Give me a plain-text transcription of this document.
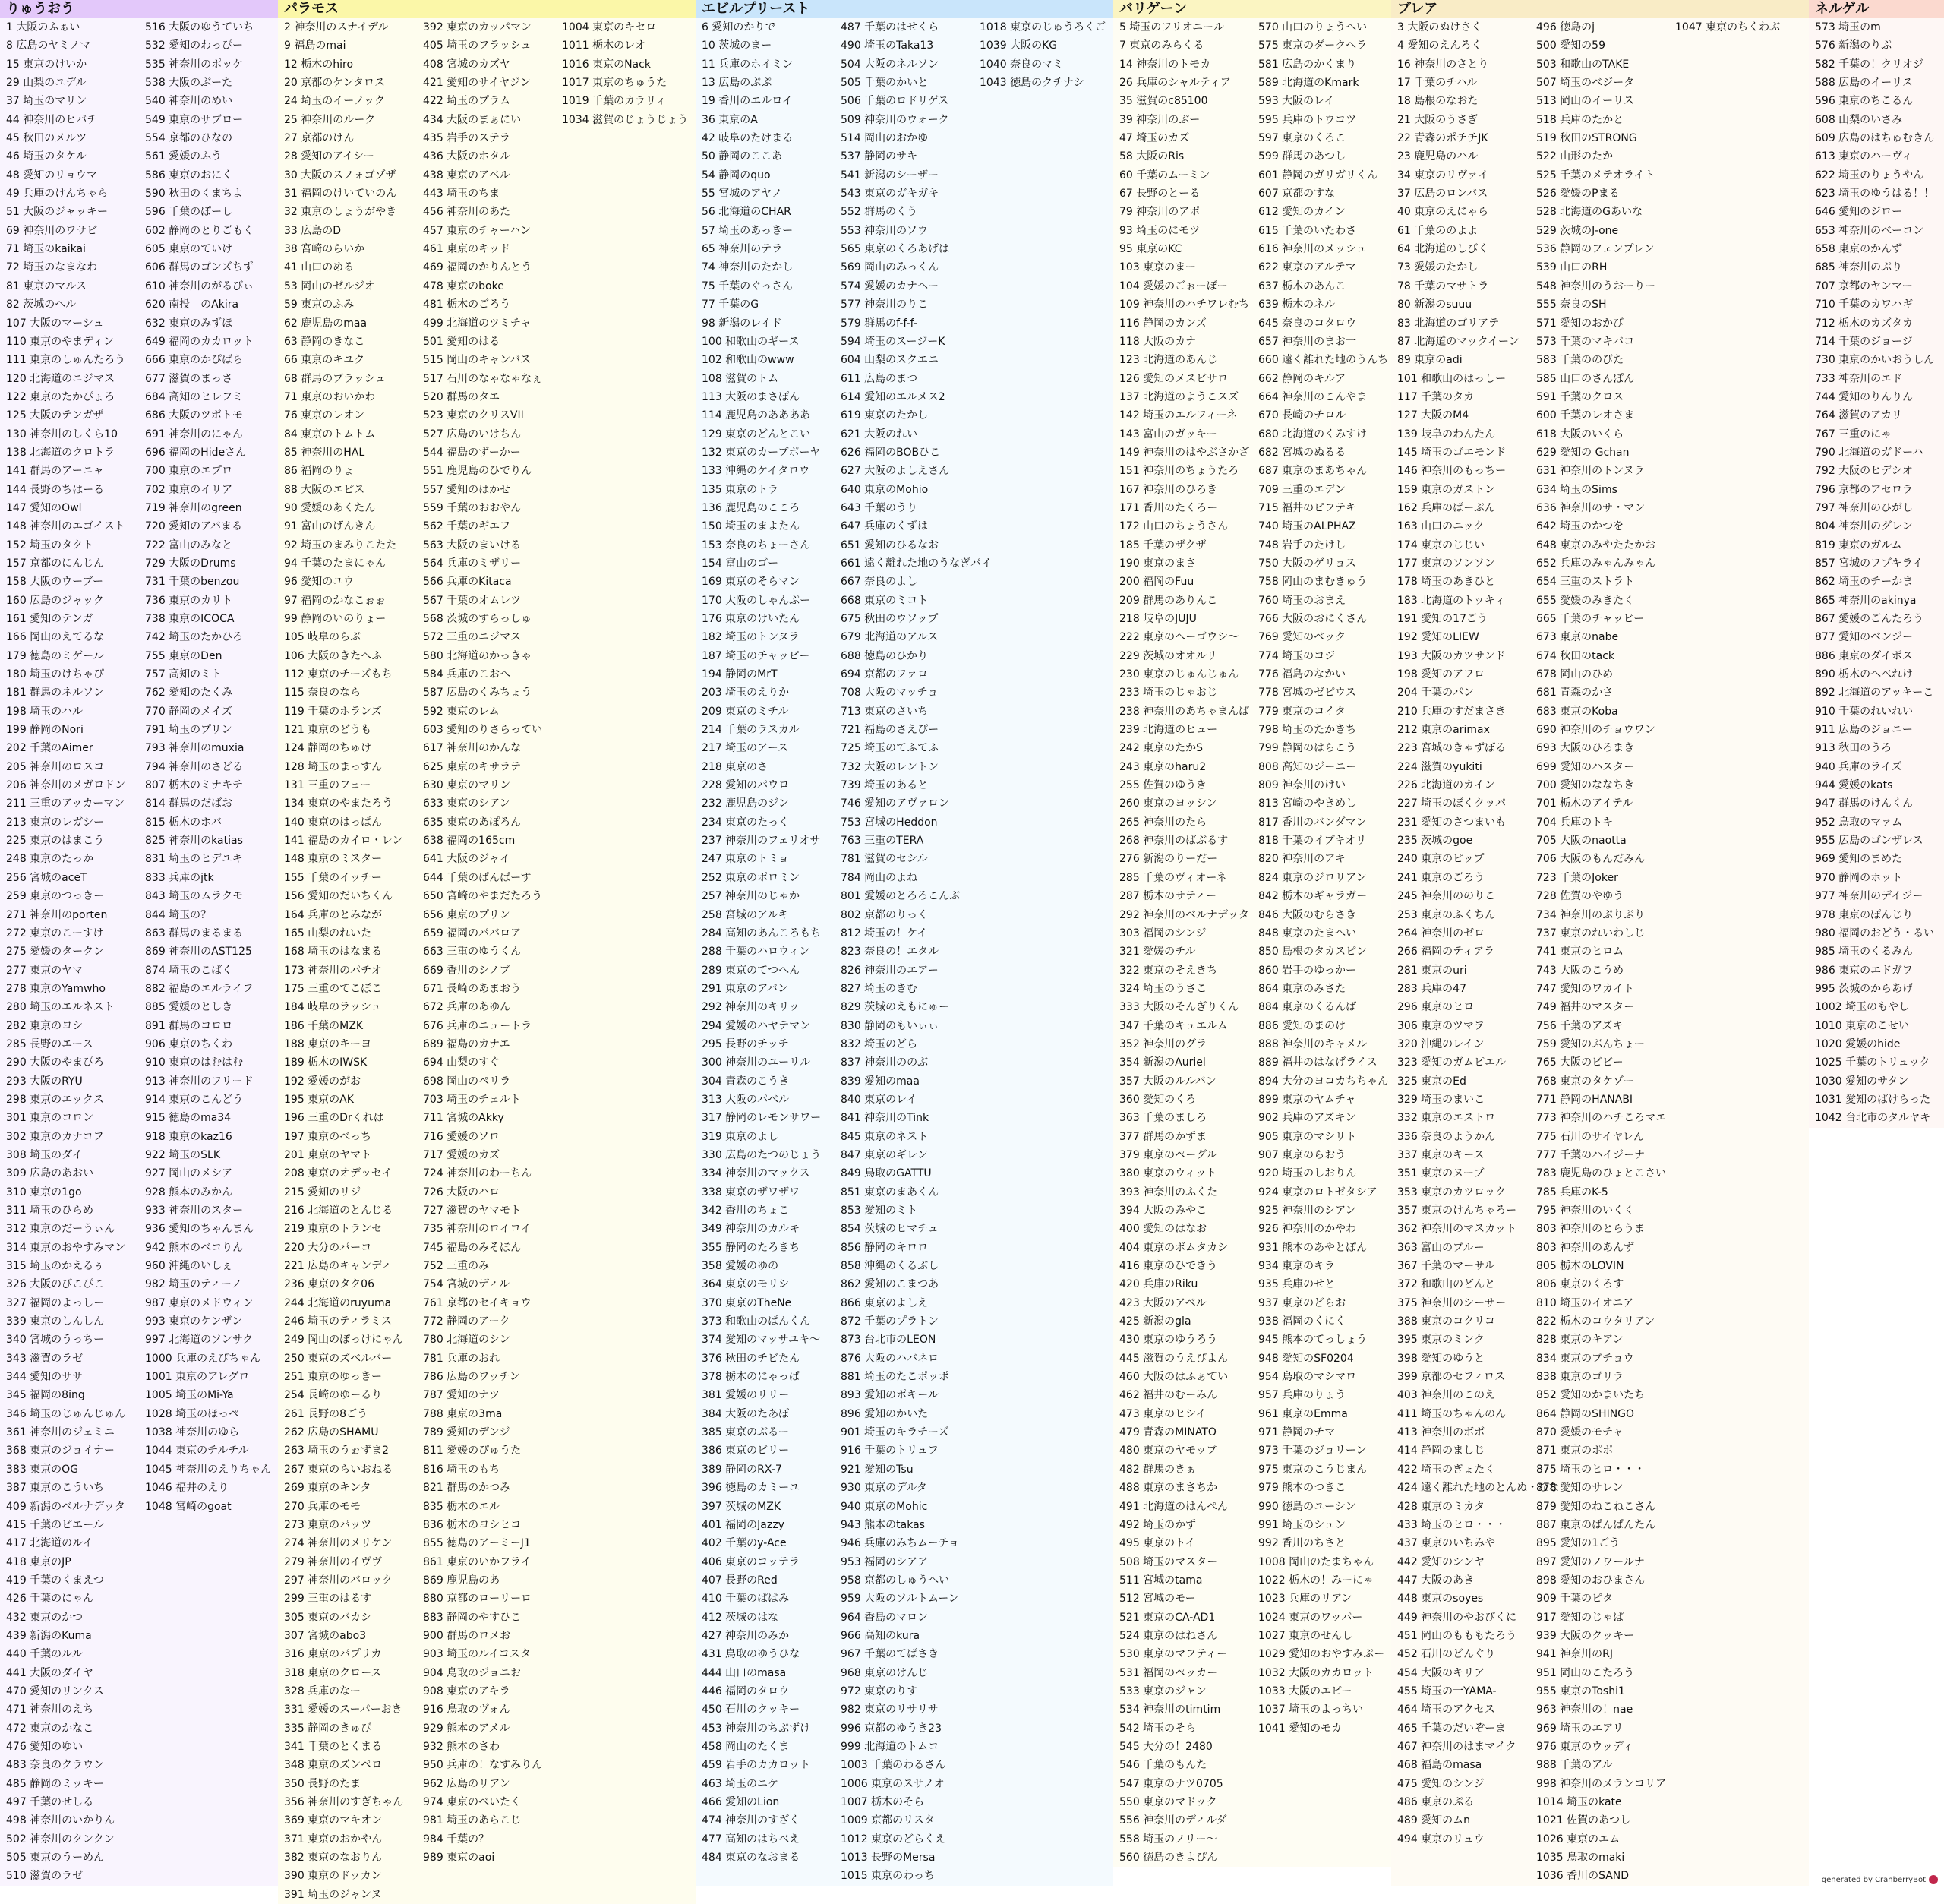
りゅうおう
1 大阪のふぁい
8 広島のヤミノマ
15 東京のけいか
29 山梨のユデル
37 埼玉のマリン
44 神奈川のヒバチ
45 秋田のメルツ
46 埼玉のタケル
48 愛知のリョウマ
49 兵庫のけんちゃら
51 大阪のジャッキー
69 神奈川のワサビ
71 埼玉のkaikai
72 埼玉のなまなわ
81 東京のマルス
82 茨城のヘル
107 大阪のマーシュ
110 東京のやまディン
111 東京のしゅんたろう
120 北海道のニジマス
122 東京のたかぴょろ
125 大阪のテンガザ
130 神奈川のしくら10
138 北海道のクロトラ
141 群馬のアーニャ
144 長野のちはーる
147 愛知のOwl
148 神奈川のエゴイスト
152 埼玉のタクト
157 京都のにんじん
158 大阪のウーブー
160 広島のジャック
161 愛知のテンガ
166 岡山のえてるな
179 徳島のミゲール
180 埼玉のけちゃぴ
181 群馬のネルソン
198 埼玉のハル
199 静岡のNori
202 千葉のAimer
205 神奈川のロスコ
206 神奈川のメガロドン
211 三重のアッカーマン
213 東京のレガシー
225 東京のはまこう
248 東京のたっか
256 宮城のaceT
259 東京のつっきー
271 神奈川のporten
272 東京のこーすけ
275 愛媛のタークン
277 東京のヤマ
278 東京のYamwho
280 埼玉のエルネスト
282 東京のヨシ
285 長野のエース
290 大阪のやまぴろ
293 大阪のRYU
298 東京のエックス
301 東京のコロン
302 東京のカナコフ
308 埼玉のダイ
309 広島のあおい
310 東京の1go
311 埼玉のひらめ
312 東京のだーうぃん
314 東京のおやすみマン
315 埼玉のかえるぅ
326 大阪のびこぴこ
327 福岡のよっしー
339 東京のしんしん
340 宮城のうっちー
343 滋賀のラゼ
344 愛知のササ
345 福岡の8ing
346 埼玉のじゅんじゅん
361 神奈川のジェミニ
368 東京のジョイナー
383 東京のOG
387 東京のこういち
409 新潟のベルナデッタ
415 千葉のピエール
417 北海道のルイ
418 東京のJP
419 千葉のくまえつ
426 千葉のにゃん
432 東京のかつ
439 新潟のKuma
440 千葉のルル
441 大阪のダイヤ
470 愛知のリンクス
471 神奈川のえち
472 東京のかなこ
476 愛知のゆい
483 奈良のクラウン
485 静岡のミッキー
497 千葉のせしる
498 神奈川のいかりん
502 神奈川のクンクン
505 東京のうーめん
510 滋賀のラゼ
516 大阪のゆうていち
532 愛知のわっぴー
535 神奈川のポッケ
538 大阪のぶーた
540 神奈川のめい
549 東京のサブロー
554 京都のひなの
561 愛媛のふう
586 東京のおにく
590 秋田のくまちよ
596 千葉のぽーし
602 静岡のとりごもく
605 東京のていけ
606 群馬のゴンズちず
610 神奈川のがるびぃ
620 南投　のAkira
632 東京のみずほ
649 福岡のカカロット
666 東京のかぴばら
677 滋賀のまっさ
684 高知のヒレフミ
686 大阪のツボトモ
691 神奈川のにゃん
696 福岡のHideさん
700 東京のエプロ
702 東京のイリア
719 神奈川のgreen
720 愛知のアバまる
722 富山のみなと
729 大阪のDrums
731 千葉のbenzou
736 東京のカリト
738 東京のICOCA
742 埼玉のたかひろ
755 東京のDen
757 高知のミト
762 愛知のたくみ
770 静岡のメイズ
791 埼玉のプリン
793 神奈川のmuxia
794 神奈川のさどる
807 栃木のミナキチ
814 群馬のだばお
815 栃木のホバ
825 神奈川のkatias
831 埼玉のヒデユキ
833 兵庫のjtk
843 埼玉のムラクモ
844 埼玉の？
863 群馬のまるまる
869 神奈川のAST125
874 埼玉のこばく
882 福島のエルライフ
885 愛媛のとしき
891 群馬のコロロ
906 東京のちくわ
910 東京のはむはむ
913 神奈川のフリード
914 東京のこんどう
915 徳島のma34
918 東京のkaz16
922 埼玉のSLK
927 岡山のメシア
928 熊本のみかん
933 神奈川のスター
936 愛知のちゃんまん
942 熊本のベコりん
960 沖縄のいしぇ
982 埼玉のティーノ
987 東京のメドウィン
993 東京のケンザン
997 北海道のソンサク
1000 兵庫のえびちゃん
1001 東京のアレグロ
1005 埼玉のMi-Ya
1028 埼玉のほっぺ
1038 神奈川のゆら
1044 東京のチルチル
1045 神奈川のえりちゃん
1046 福井のえり
1048 宮崎のgoat
パラモス
2 神奈川のスナイデル
9 福島のmai
12 栃木のhiro
20 京都のケンタロス
24 埼玉のイーノック
25 神奈川のルーク
27 京都のけん
28 愛知のアイシー
30 大阪のスノォゴゾザ
31 福岡のけいていのん
32 東京のしょうがやき
33 広島のD
38 宮崎のらいか
41 山口のめる
53 岡山のゼルジオ
59 東京のふみ
62 鹿児島のmaa
63 静岡のきなこ
66 東京のキユク
68 群馬のブラッシュ
71 東京のおいかわ
76 東京のレオン
84 東京のトムトム
85 神奈川のHAL
86 福岡のりょ
88 大阪のエピス
90 愛媛のあくたん
91 富山のげんきん
92 埼玉のまみりこたた
94 千葉のたまにゃん
96 愛知のユウ
97 福岡のかなこぉぉ
99 静岡のいのりょー
105 岐阜のらぶ
106 大阪のきたへふ
112 東京のチーズもち
115 奈良のなら
119 千葉のホランズ
121 東京のどうも
124 静岡のちゅけ
128 埼玉のまっすん
131 三重のフェー
134 東京のやまたろう
140 東京のはっぱん
141 福島のカイロ・レン
148 東京のミスター
155 千葉のイッチー
156 愛知のだいちくん
164 兵庫のとみなが
165 山梨のれいた
168 埼玉のはなまる
173 神奈川のパチオ
175 三重のてこぽこ
184 岐阜のラッシュ
186 千葉のMZK
188 東京のキーヨ
189 栃木のIWSK
192 愛媛のがお
195 東京のAK
196 三重のDrくれは
197 東京のべっち
201 東京のヤマト
208 東京のオデッセイ
215 愛知のリジ
216 北海道のとんじる
219 東京のトランセ
220 大分のパーコ
221 広島のキャンディ
236 東京のタク06
244 北海道のruyuma
246 埼玉のティラミス
249 岡山のぽっけにゃん
250 東京のズベルバー
251 東京のゆっきー
254 長崎のゆーるり
261 長野の8ごう
262 広島のSHAMU
263 埼玉のうぉずま2
267 東京のらいおねる
269 東京のキンタ
270 兵庫のモモ
273 東京のパッツ
274 神奈川のメリケン
279 神奈川のイヴヴ
297 神奈川のバロック
299 三重のはるす
305 東京のバカシ
307 宮城のabo3
316 東京のパプリカ
318 東京のクロース
328 兵庫のなー
331 愛媛のスーパーおき
335 静岡のきゅび
341 千葉のとくまる
348 東京のズンペロ
350 長野のたま
356 神奈川のすぎちゃん
369 東京のマキオン
371 東京のおかやん
382 東京のなおりん
390 東京のドッカン
391 埼玉のジャンヌ
392 東京のカッパマン
405 埼玉のフラッシュ
408 宮城のカズヤ
421 愛知のサイヤジン
422 埼玉のプラム
434 大阪のまぁにい
435 岩手のステラ
436 大阪のホタル
438 東京のアベル
443 埼玉のちま
456 神奈川のあた
457 東京のチャーハン
461 東京のキッド
469 福岡のかりんとう
478 東京のboke
481 栃木のごろう
499 北海道のツミチャ
501 愛知のはる
515 岡山のキャンバス
517 石川のなゃなゃなぇ
520 群馬のタエ
523 東京のクリスVII
527 広島のいけちん
544 福島のずーかー
551 鹿児島のひでりん
557 愛知のはかせ
559 千葉のおおやん
562 千葉のギエフ
563 大阪のまいける
564 兵庫のミザリー
566 兵庫のKitaca
567 千葉のオムレツ
568 茨城のすらっしゅ
572 三重のニジマス
580 北海道のかっきゃ
584 兵庫のこおへ
587 広島のくみちょう
592 東京のレム
603 愛知のりさらってい
617 神奈川のかんな
625 東京のキサラテ
630 東京のマリン
633 東京のシアン
635 東京のあぽろん
638 福岡の165cm
641 大阪のジャイ
644 千葉のぱんぱーす
650 宮崎のやまだたろう
656 東京のプリン
659 福岡のパバロア
663 三重のゆうくん
669 香川のシノブ
671 長崎のあまおう
672 兵庫のあゆん
676 兵庫のニュートラ
689 福島のカナエ
694 山梨のすぐ
698 岡山のペリラ
703 埼玉のチェルト
711 宮城のAkky
716 愛媛のソロ
717 愛媛のカズ
724 神奈川のわーちん
726 大阪のハロ
727 滋賀のヤマモト
735 神奈川のロイロイ
745 福島のみそぽん
752 三重のみ
754 宮城のディル
761 京都のセイキョウ
772 静岡のアーク
780 北海道のシン
781 兵庫のおれ
786 広島のワッチン
787 愛知のナツ
788 東京の3ma
789 愛知のデンジ
811 愛媛のぴゅうた
816 埼玉のもち
821 群馬のかつみ
835 栃木のエル
836 栃木のヨシヒコ
855 徳島のアーミーJ1
861 東京のいかフライ
869 鹿児島のあ
880 京都のローリーロ
883 静岡のやすひこ
900 群馬のロメお
903 埼玉のルイコスタ
904 鳥取のジョニお
908 東京のアキラ
916 鳥取のヴォん
929 熊本のアメル
932 熊本のさわ
950 兵庫の！なすみりん
962 広島のリアン
974 東京のべいたく
981 埼玉のあらこじ
984 千葉の？
989 東京のaoi
1004 東京のキセロ
1011 栃木のレオ
1016 東京のNack
1017 東京のちゅうた
1019 千葉のカラリィ
1034 滋賀のじょうじょう
エビルプリースト
6 愛知のかりで
10 茨城のまー
11 兵庫のホイミン
13 広島のぷぷ
19 香川のエルロイ
36 東京のA
42 岐阜のたけまる
50 静岡のここあ
54 静岡のquo
55 宮城のアヤノ
56 北海道のCHAR
57 埼玉のあっきー
65 神奈川のテラ
74 神奈川のたかし
75 千葉のぐっさん
77 千葉のG
98 新潟のレイド
100 和歌山のギース
102 和歌山のwww
108 滋賀のトム
113 大阪のまさぽん
114 鹿児島のああああ
129 東京のどんとこい
132 東京のカーブポーヤ
133 沖縄のケイタロウ
135 東京のトラ
136 鹿児島のこころ
150 埼玉のまよたん
153 奈良のちょーさん
154 富山のゴー
169 東京のそらマン
170 大阪のしゃんぷー
176 東京のけいたん
182 埼玉のトンヌラ
187 埼玉のチャッピー
194 静岡のMrT
203 埼玉のえりか
209 東京のミチル
214 千葉のラスカル
217 埼玉のアース
218 東京のさ
228 愛知のパウロ
232 鹿児島のジン
234 東京のたっく
237 神奈川のフェリオサ
247 東京のトミョ
252 東京のポロミン
257 神奈川のじゃか
258 宮城のアルキ
284 高知のあんころもち
288 千葉のハロウィン
289 東京のてつへん
291 東京のアバン
292 神奈川のキリッ
294 愛媛のハヤテマン
295 長野のチッチ
300 神奈川のユーリル
304 青森のこうき
313 大阪のパベル
317 静岡のレモンサワー
319 東京のよし
330 広島のたつのじょう
334 神奈川のマックス
338 東京のザワザワ
342 香川のちょこ
349 神奈川のカルキ
355 静岡のたろきち
358 愛媛のゆの
364 東京のモリシ
370 東京のTheNe
373 和歌山のぱんくん
374 愛知のマッサユキ～
376 秋田のチビたん
378 栃木のにゃっぱ
381 愛媛のリリー
384 大阪のたあぼ
385 東京のぶるー
386 東京のビリー
389 静岡のRX-7
396 徳島のカミーユ
397 茨城のMZK
401 福岡のJazzy
402 千葉のy-Ace
406 東京のコッテラ
407 長野のRed
410 千葉のぱぱみ
412 茨城のはな
427 神奈川のみか
431 鳥取のゆうひな
444 山口のmasa
446 福岡のタロウ
450 石川のクッキー
453 神奈川のちぷずけ
458 岡山のたくま
459 岩手のカカロット
463 埼玉のニケ
466 愛知のLion
474 神奈川のすざく
477 高知のはちべえ
484 東京のなおまる
487 千葉のはせくら
490 埼玉のTaka13
504 大阪のネルソン
505 千葉のかいと
506 千葉のロドリゲス
509 神奈川のウォーク
514 岡山のおかゆ
537 静岡のサキ
541 新潟のシーザー
543 東京のガキガキ
552 群馬のくう
553 神奈川のソウ
565 東京のくろあげは
569 岡山のみっくん
574 愛媛のカナヘー
577 神奈川のりこ
579 群馬のf-f-f-
594 埼玉のスージーK
604 山梨のスクエニ
611 広島のまつ
614 愛知のエルメス2
619 東京のたかし
621 大阪のれい
626 福岡のBOBひこ
627 大阪のよしえさん
640 東京のMohio
643 千葉のうり
647 兵庫のくずは
651 愛知のひるなお
661 遠く離れた地のうなぎパイ
667 奈良のよし
668 東京のミコト
675 秋田のウソップ
679 北海道のアルス
688 徳島のひかり
694 京都のファロ
708 大阪のマッチョ
713 東京のさいち
721 福島のさえぴー
725 埼玉のてふてふ
732 大阪のレントン
739 埼玉のあると
746 愛知のアヴァロン
753 宮城のHeddon
763 三重のTERA
781 滋賀のセシル
784 岡山のよね
801 愛媛のとろろこんぶ
802 京都のりっく
812 埼玉の！ケイ
823 奈良の！エタル
826 神奈川のエアー
827 埼玉のきむ
829 茨城のえもにゅー
830 静岡のもいぃぃ
832 埼玉のどら
837 神奈川ののぶ
839 愛知のmaa
840 東京のレイ
841 神奈川のTink
845 東京のネスト
847 東京のギレン
849 鳥取のGATTU
851 東京のまあくん
853 愛知のミト
854 茨城のヒマチュ
856 静岡のキロロ
858 沖縄のくるぶし
862 愛知のこまつあ
866 東京のよしえ
872 千葉のプラトン
873 台北市のLEON
876 大阪のハバネロ
881 埼玉のたこポッポ
893 愛知のポキール
896 愛知のかいた
901 埼玉のキラチーズ
916 千葉のトリュフ
921 愛知のTsu
930 東京のデルタ
940 東京のMohic
943 熊本のtakas
946 兵庫のみちムーチョ
953 福岡のシアア
958 京都のしゅうへい
959 大阪のソルトムーン
964 香島のマロン
966 高知のkura
967 千葉のてばさき
968 東京のけんじ
972 東京のりす
982 東京のリサリサ
996 京都のゆうき23
999 北海道のトムコ
1003 千葉のわるさん
1006 東京のスサノオ
1007 栃木のそら
1009 京都のリスタ
1012 東京のどらくえ
1013 長野のMersa
1015 東京のわっち
1018 東京のじゅうろくご
1039 大阪のKG
1040 奈良のマミ
1043 徳島のクチナシ
バリゲーン
5 埼玉のフリオニール
7 東京のみらくる
14 神奈川のトモカ
26 兵庫のシャルティア
35 滋賀のc85100
39 神奈川のぶー
47 埼玉のカズ
58 大阪のRis
60 千葉のムーミン
67 長野のとーる
79 神奈川のアポ
93 埼玉のにモツ
95 東京のKC
103 東京のまー
104 愛媛のごぉーぼー
109 神奈川のハチワレむち
116 静岡のカンズ
118 大阪のカナ
123 北海道のあんじ
126 愛知のメスビサロ
137 北海道のようこスズ
142 埼玉のエルフィーネ
143 富山のガッキー
149 神奈川のはやぶさかざ
151 神奈川のちょうたろ
167 神奈川のひろき
171 香川のたくろー
172 山口のちょうさん
185 千葉のザクザ
190 東京のまさ
200 福岡のFuu
209 群馬のありんこ
218 岐阜のJUJU
222 東京のへーゴウシ～
229 茨城のオオルリ
230 東京のじゅんじゅん
233 埼玉のじゃおじ
238 神奈川のあちゃまんぱ
239 北海道のヒュー
242 東京のたかS
243 東京のharu2
255 佐賀のゆうき
260 東京のヨッシン
265 神奈川のたら
268 神奈川のばぶるす
276 新潟のりーだー
285 千葉のヴィオーネ
287 栃木のサティー
292 神奈川のベルナデッタ
303 福岡のシンジ
321 愛媛のチル
322 東京のそえきち
324 埼玉のうさこ
333 大阪のそんぎりくん
347 千葉のキュエルム
352 神奈川のグラ
354 新潟のAuriel
357 大阪のルルバン
360 愛知のくろ
363 千葉のましろ
377 群馬のかずま
379 東京のペーグル
380 東京のウィット
393 神奈川のふくた
394 大阪のみやこ
400 愛知のはなお
404 東京のボムタカシ
416 東京のひできう
420 兵庫のRiku
423 大阪のアベル
425 新潟のgla
430 東京のゆうろう
445 滋賀のうえびよん
460 大阪のはふぁてい
462 福井のむーみん
473 東京のヒシイ
479 青森のMINATO
480 東京のヤモップ
482 群馬のきぁ
488 東京のまさちか
491 北海道のはんぺん
492 埼玉のかず
495 東京のトイ
508 埼玉のマスター
511 宮城のtama
512 宮城のモー
521 東京のCA-AD1
524 東京のはねさん
530 東京のマフティー
531 福岡のペッカー
533 東京のジャン
534 神奈川のtimtim
542 埼玉のそら
545 大分の！2480
546 千葉のもんた
547 東京のナツ0705
550 東京のマドック
556 神奈川のディルダ
558 埼玉のノリー～
560 徳島のきよぴん
570 山口のりょうへい
575 東京のダークヘラ
581 広島のかくまり
589 北海道のKmark
593 大阪のレイ
595 兵庫のトウコツ
597 東京のくろこ
599 群馬のあつし
601 静岡のガリガリくん
607 京都のすな
612 愛知のカイン
615 千葉のいたわさ
616 神奈川のメッシュ
622 東京のアルテマ
637 栃木のあんこ
639 栃木のネル
645 奈良のコタロウ
657 神奈川のまお一
660 遠く離れた地のうんち
662 静岡のキルア
664 神奈川のこんやま
670 長崎のチロル
680 北海道のくみすけ
682 宮城のぬるる
687 東京のまあちゃん
709 三重のエデン
715 福井のピフテキ
740 埼玉のALPHAZ
748 岩手のたけし
750 大阪のゲリョス
758 岡山のまむきゅう
760 埼玉のおまえ
766 大阪のおにくさん
769 愛知のベック
774 埼玉のコジ
776 福島のなかい
778 宮城のゼピウス
779 東京のコイタ
798 埼玉のたかきち
799 静岡のはらこう
808 高知のジーニー
809 神奈川のけい
813 宮崎のやきめし
817 香川のバンダマン
818 千葉のイブキオリ
820 神奈川のアキ
824 東京のジロリアン
842 栃木のギャラガー
846 大阪のむらさき
848 東京のたまへい
850 島根のタカスピン
860 岩手のゆっかー
864 東京のみさた
884 東京のくるんば
886 愛知のまのけ
888 神奈川のキャメル
889 福井のはなげライス
894 大分のヨコカちちゃん
899 東京のヤムチャ
902 兵庫のアズキン
905 東京のマシリト
907 東京のらおう
920 埼玉のしおりん
924 東京のロトゼタシア
925 神奈川のシアン
926 神奈川のかやわ
931 熊本のあやとぽん
934 東京のキラ
935 兵庫のせと
937 東京のどらお
938 福岡のくにく
945 熊本のてっしょう
948 愛知のSF0204
954 鳥取のマシマロ
957 兵庫のりょう
961 東京のEmma
971 静岡のチマ
973 千葉のジョリーン
975 東京のこうじまん
979 熊本のつきこ
990 徳島のユーシン
991 埼玉のシュン
992 香川のちさと
1008 岡山のたまちゃん
1022 栃木の！みーにゃ
1023 兵庫のリアン
1024 東京のワッパー
1027 東京のせんし
1029 愛知のおやすみぷー
1032 大阪のカカロット
1033 大阪のエピー
1037 埼玉のよっちい
1041 愛知のモカ
ブレア
3 大阪のぬけさく
4 愛知のえんろく
16 神奈川のさとり
17 千葉のチハル
18 島根のなおた
21 大阪のうさぎ
22 青森のポチチJK
23 鹿児島のハル
34 東京のリヴァイ
37 広島のロンバス
40 東京のえにゃら
61 千葉ののよよ
64 北海道のしびく
73 愛媛のたかし
78 千葉のマサトラ
80 新潟のsuuu
83 北海道のゴリアテ
87 北海道のマックイーン
89 東京のadi
101 和歌山のはっしー
117 千葉のタカ
127 大阪のM4
139 岐阜のわんたん
145 埼玉のゴエモンド
146 神奈川のもっちー
159 東京のガストン
162 兵庫のばーぷん
163 山口のニック
174 東京のじじい
177 東京のソンソン
178 埼玉のあきひと
183 北海道のトッキィ
191 愛知の17ごう
192 愛知のLIEW
193 大阪のカツサンド
198 愛知のアフロ
204 千葉のパン
210 兵庫のすだまさき
212 東京のarimax
223 宮城のきゃずぼる
224 滋賀のyukiti
226 北海道のカイン
227 埼玉のぼくクッパ
231 愛知のさつまいも
235 茨城のgoe
240 東京のピップ
241 東京のごろう
245 神奈川ののりこ
253 東京のふくちん
264 神奈川のゼロ
266 福岡のティアラ
281 東京のuri
283 兵庫の47
296 東京のヒロ
306 東京のツマヲ
320 沖縄のレイン
323 愛知のガムピエル
325 東京のEd
329 埼玉のまいこ
332 東京のエストロ
336 奈良のようかん
337 東京のキース
351 東京のヌーブ
353 東京のカツロック
357 東京のけんちゃろー
362 神奈川のマスカット
363 富山のブルー
367 千葉のマーサル
372 和歌山のどんと
375 神奈川のシーサー
388 東京のコクリコ
395 東京のミンク
398 愛知のゆうと
399 京都のセフィロス
403 神奈川のこのえ
411 埼玉のちゃんのん
413 神奈川のボボ
414 静岡のましじ
422 埼玉のぎょたく
424 遠く離れた地のとんぬ・なな
428 東京のミカタ
433 埼玉のヒロ・・・
437 東京のいちみや
442 愛知のシンヤ
447 大阪のあき
448 東京のsoyes
449 神奈川のやおびくに
451 岡山のもももたろう
452 石川のどんぐり
454 大阪のキリア
455 埼玉の一YAMA-
464 埼玉のアクセス
465 千葉のだいぞーま
467 神奈川のはまマイク
468 福島のmasa
475 愛知のシンジ
486 東京のぷる
489 愛知のムn
494 東京のリュウ
496 徳島のj
500 愛知の59
503 和歌山のTAKE
507 埼玉のベジータ
513 岡山のイーリス
518 兵庫のたかと
519 秋田のSTRONG
522 山形のたか
525 千葉のメテオライト
526 愛媛のPまる
528 北海道のGあいな
529 茨城のJ-one
536 静岡のフェンプレン
539 山口のRH
548 神奈川のうおーりー
555 奈良のSH
571 愛知のおかび
573 千葉のマキバコ
583 千葉ののびた
585 山口のさんぽん
591 千葉のクロス
600 千葉のレオさま
618 大阪のいくら
629 愛知の Gchan
631 神奈川のトンヌラ
634 埼玉のSims
636 神奈川のサ・マン
642 埼玉のかつを
648 東京のみやたたかお
652 兵庫のみゃんみゃん
654 三重のストラト
655 愛媛のみきたく
665 千葉のチャッピー
673 東京のnabe
674 秋田のtack
678 岡山のひめ
681 青森のかさ
683 東京のKoba
690 神奈川のチョウワン
693 大阪のひろまき
699 愛知のハスター
700 愛知のななちき
701 栃木のアイテル
704 兵庫のトキ
705 大阪のnaotta
706 大阪のもんだみん
723 千葉のJoker
728 佐賀のやゆう
734 神奈川のぷりぷり
737 東京のれいわしじ
741 東京のヒロム
743 大阪のこうめ
747 愛知のワカイト
749 福井のマスター
756 千葉のアズキ
759 愛知のぶんちょー
765 大阪のビビー
768 東京のタケゾー
771 静岡のHANABI
773 神奈川のハチころマエ
775 石川のサイヤレん
777 千葉のハイジーナ
783 鹿児島のひょとこさい
785 兵庫のK-5
795 神奈川のいくく
803 神奈川のとらうま
803 神奈川のあんず
805 栃木のLOVIN
806 東京のくろす
810 埼玉のイオニア
822 栃木のコウタリアン
828 東京のキアン
834 東京のブチョウ
838 東京のゴリラ
852 愛知のかまいたち
864 静岡のSHINGO
870 愛媛のモチャ
871 東京のポポ
875 埼玉のヒロ・・・
878 愛知のサレン
879 愛知のねこねこさん
887 東京のぱんぱんたん
895 愛知の1ごう
897 愛知のノワールナ
898 愛知のおひまさん
909 千葉のピタ
917 愛知のじゃぱ
939 大阪のクッキー
941 神奈川のRJ
951 岡山のこたろう
955 東京のToshi1
963 神奈川の！nae
969 埼玉のエアリ
976 東京のウッディ
988 千葉のアル
998 神奈川のメランコリア
1014 埼玉のkate
1021 佐賀のあつし
1026 東京のエム
1035 鳥取のmaki
1036 香川のSAND
1047 東京のちくわぶ
ネルゲル
573 埼玉のm
576 新潟のりぷ
582 千葉の！クリオジ
588 広島のイーリス
596 東京のちこるん
608 山梨のいさみ
609 広島のはちゅむきん
613 東京のハーヴィ
622 埼玉のりょうやん
623 埼玉のゆうはる！！
646 愛知のジロー
653 神奈川のべーコン
658 東京のかんず
685 神奈川のぷり
707 京都のヤンマー
710 千葉のカワハギ
712 栃木のカズタカ
714 千葉のジョージ
730 東京のかいおうしん
733 神奈川のエド
744 愛知のりんりん
764 滋賀のアカリ
767 三重のにゃ
790 北海道のガドーハ
792 大阪のヒデシオ
796 京都のアセロラ
797 神奈川のひがし
804 神奈川のグレン
819 東京のガルム
857 宮城のフブキライ
862 埼玉のチーかま
865 神奈川のakinya
867 愛媛のごんたろう
877 愛知のベンジー
886 東京のダイボス
890 栃木のへべれけ
892 北海道のアッキーこ
910 千葉のれいれい
911 広島のジョニー
913 秋田のうろ
940 兵庫のライズ
944 愛媛のkats
947 群馬のけんくん
952 鳥取のマァム
955 広島のゴンザレス
969 愛知のまめた
970 静岡のホット
977 神奈川のデイジー
978 東京のぽんじり
980 福岡のおどう・るい
985 埼玉のくるみん
986 東京のエドガワ
995 茨城のからあげ
1002 埼玉のもやし
1010 東京のこせい
1020 愛媛のhide
1025 千葉のトリュック
1030 愛知のサタン
1031 愛知のばけらった
1042 台北市のタルヤキ
generated by CranberryBot
